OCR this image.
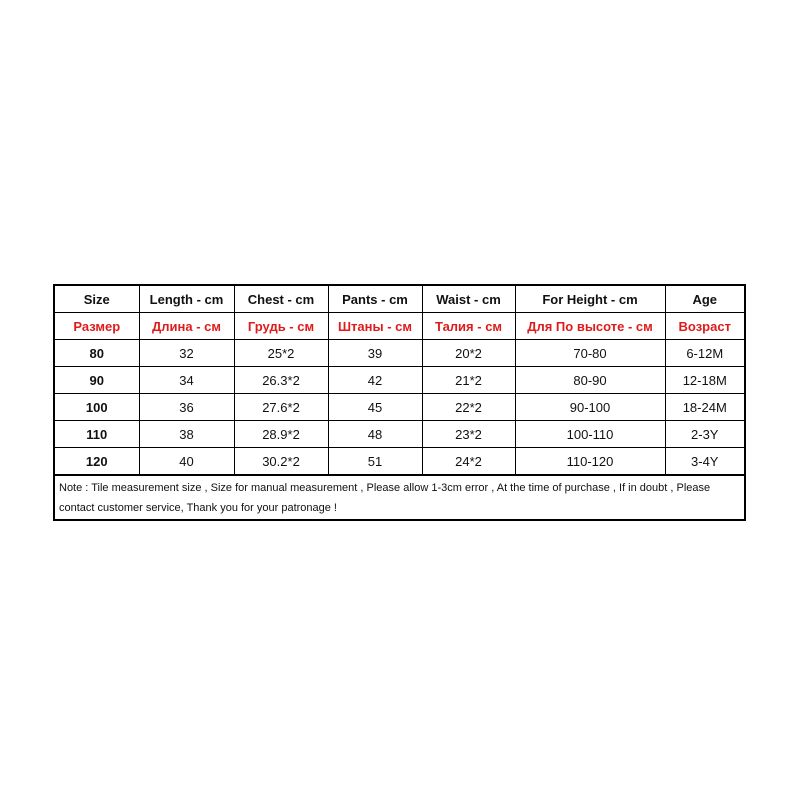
Size	Length - cm	Chest - cm	Pants - cm	Waist - cm	For Height - cm	Age
Размер	Длина - см	Грудь - см	Штаны - см	Талия - см	Для По высоте - см	Возраст
80	32	25*2	39	20*2	70-80	6-12M
90	34	26.3*2	42	21*2	80-90	12-18M
100	36	27.6*2	45	22*2	90-100	18-24M
110	38	28.9*2	48	23*2	100-110	2-3Y
120	40	30.2*2	51	24*2	110-120	3-4Y
Note : Tile measurement size , Size for manual measurement , Please allow 1-3cm error , At the time of purchase , If in doubt , Please contact customer service, Thank you for your patronage !
